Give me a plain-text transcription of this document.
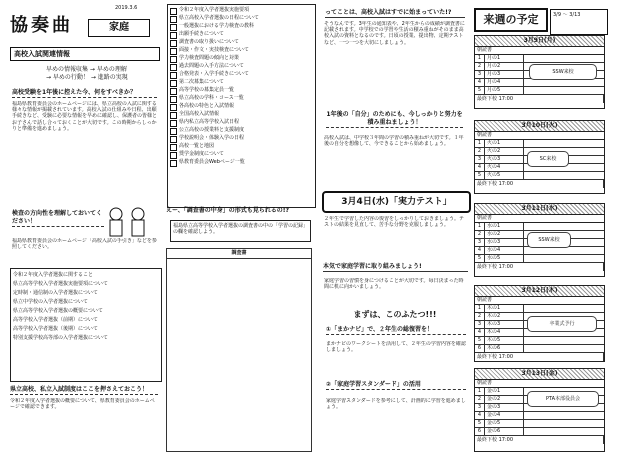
2019.3.6
協奏曲	家庭
高校入試関連情報
早めの情報収集 → 早めの理解
→ 早めの行動！ → 進路の実現
高校受験を1年後に控えた今、何をすべきか？
福島県教育委員会のホームページには、県立高校の入試に関する様々な情報が掲載されています。高校入試の仕組みや日程、出願手続きなど、受験に必要な情報を早めに確認し、保護者の皆様とお子さんで話し合っておくことが大切です。この時期からしっかりと準備を進めましょう。
検査の方向性を理解しておいてください！
福島県教育委員会のホームページ「高校入試の手引き」などを参照してください。
令和２年度入学者選抜に関すること
県立高等学校入学者選抜実施要項について
定時制・通信制の入学者選抜について
県立中学校の入学者選抜について
県立高等学校入学者選抜の概要について
高等学校入学者選抜（前期）について
高等学校入学者選抜（後期）について
特別支援学校高等部の入学者選抜について
県立高校、私立入試制度はここを押さえておこう！
令和２年度入学者選抜の概要について、県教育委員会のホームページで確認できます。
令和２年度入学者選抜実施要項
県立高校入学者選抜の日程について
一般選抜における学力検査の教科
出願手続きについて
調査書の取り扱いについて
面接・作文・実技検査について
学力検査問題の傾向と対策
過去問題の入手方法について
合格発表・入学手続きについて
第二次募集について
高等学校の募集定員一覧
県立高校の学科・コース一覧
各高校の特色と入試情報
全国高校入試情報
県内私立高等学校入試日程
公立高校の授業料と支援制度
学校説明会・体験入学の日程
高校一覧と地図
奨学金制度について
県教育委員会Webページ一覧
えー、「調査書の中身」の形式も見られるの!?
福島県立高等学校入学者選抜の調査書の中の「学習の記録」の欄を確認しよう。
調査書
ってことは、高校入試はすでに始まっていた!?
そうなんです。3年生の通知表や、2年生からの成績が調査書に記載されます。中学校での学習や生活の積み重ねがそのまま高校入試の資料となるのです。日頃の授業、提出物、定期テストなど、一つ一つを大切にしましょう。
1年後の「自分」のためにも、今しっかりと努力を積み重ねましょう！
高校入試は、中学校３年間の学習の積み重ねが大切です。１年後の自分を想像して、今できることから始めましょう。
3月4日(水)「実力テスト」
２年生で学習した内容の復習をしっかりしておきましょう。テストの結果を見直して、苦手な分野を克服しましょう。
本気で家庭学習に取り組みましょう!
家庭学習の習慣を身につけることが大切です。毎日決まった時間に机に向かいましょう。
まずは、このふたつ!!!
①「まかナビ」で、２年生の総復習を！
まかナビのワークシートを活用して、２年生の学習内容を確認しましょう。
②「家庭学習スタンダード」の活用
家庭学習スタンダードを参考にして、計画的に学習を進めましょう。
来週の予定	3/9 ～ 3/13
3月9日(月)
朝読書
1	月の1
2	月の2
3	月の3
4	月の4
5	月の5
最終下校 17:00
SSW来校
3月10日(火)
朝読書
1	火の1
2	火の2
3	火の3
4	火の4
5	火の5
最終下校 17:00
SC来校
3月11日(水)
朝読書
1	水の1
2	水の2
3	水の3
4	水の4
5	水の5
最終下校 17:00
SSW来校
3月12日(木)
朝読書
1	木の1
2	木の2
3	木の3
4	木の4
5	木の5
6	木の6
最終下校 17:00
卒業式予行
3月13日(金)
朝読書
1	金の1
2	金の2
3	金の3
4	金の4
5	金の5
6	金の6
最終下校 17:00
PTA本部役員会
